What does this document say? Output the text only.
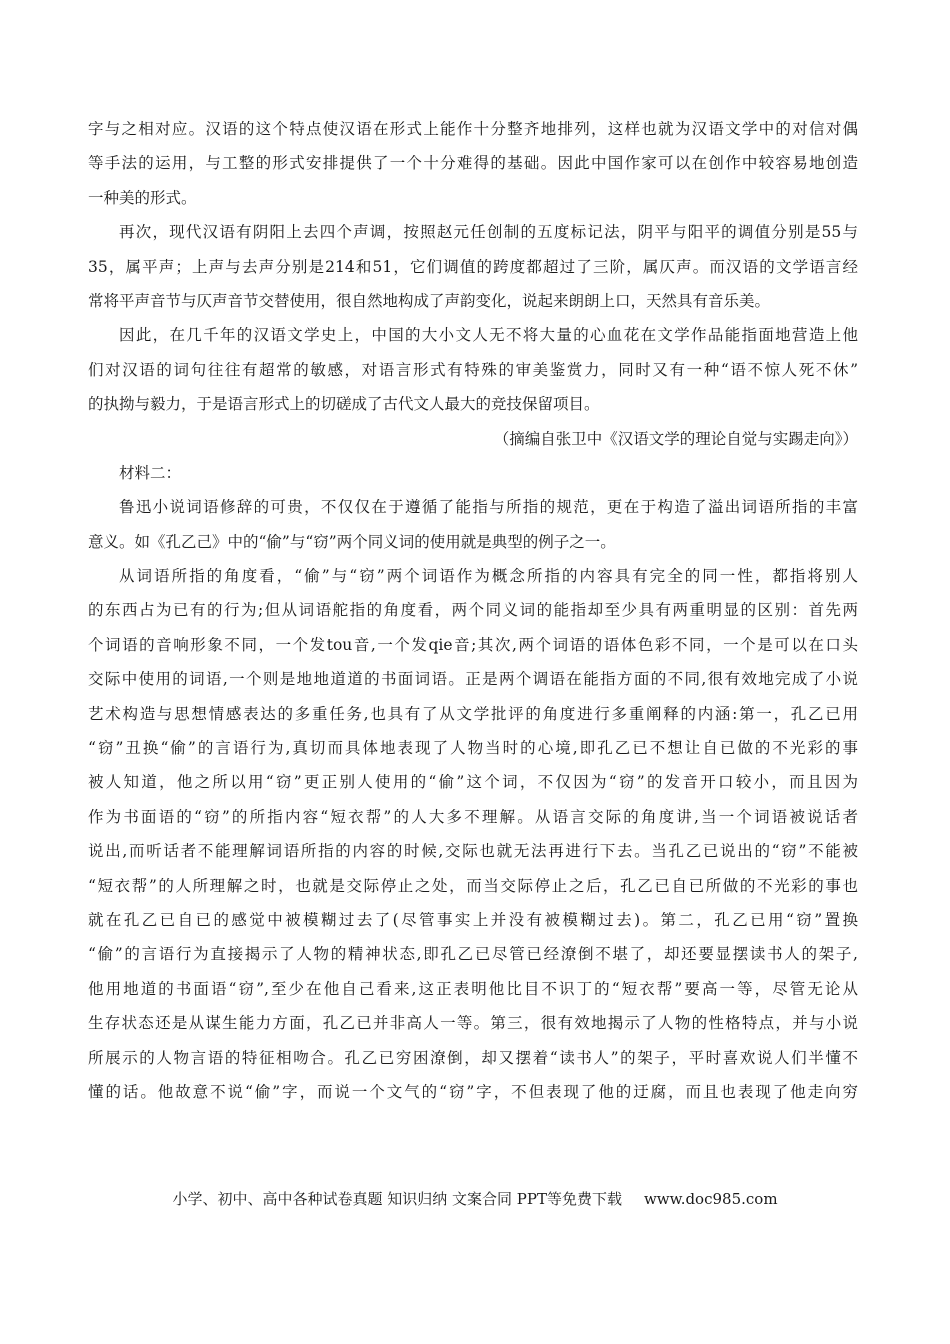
字与之相对应。汉语的这个特点使汉语在形式上能作十分整齐地排列，这样也就为汉语文学中的对信对偶
等手法的运用，与工整的形式安排提供了一个十分难得的基础。因此中国作家可以在创作中较容易地创造
一种美的形式。
再次，现代汉语有阴阳上去四个声调，按照赵元任创制的五度标记法，阴平与阳平的调值分别是55与
35，属平声；上声与去声分别是214和51，它们调值的跨度都超过了三阶，属仄声。而汉语的文学语言经
常将平声音节与仄声音节交替使用，很自然地构成了声韵变化，说起来朗朗上口，天然具有音乐美。
因此，在几千年的汉语文学史上，中国的大小文人无不将大量的心血花在文学作品能指面地营造上他
们对汉语的词句往往有超常的敏感，对语言形式有特殊的审美鉴赏力，同时又有一种“语不惊人死不休”
的执拗与毅力，于是语言形式上的切磋成了古代文人最大的竞技保留项目。
（摘编自张卫中《汉语文学的理论自觉与实踢走向》）
材料二：
鲁迅小说词语修辞的可贵，不仅仅在于遵循了能指与所指的规范，更在于构造了溢出词语所指的丰富
意义。如《孔乙己》中的“偷”与“窃”两个同义词的使用就是典型的例子之一。
从词语所指的角度看，“偷”与“窃”两个词语作为概念所指的内容具有完全的同一性，都指将别人
的东西占为已有的行为;但从词语舵指的角度看，两个同义词的能指却至少具有两重明显的区别：首先两
个词语的音响形象不同，一个发tou音,一个发qie音;其次,两个词语的语体色彩不同，一个是可以在口头
交际中使用的词语,一个则是地地道道的书面词语。正是两个调语在能指方面的不同,很有效地完成了小说
艺术构造与思想情感表达的多重任务,也具有了从文学批评的角度进行多重阐释的内涵:第一，孔乙已用
“窃”丑换“偷”的言语行为,真切而具体地表现了人物当时的心境,即孔乙已不想让自已做的不光彩的事
被人知道，他之所以用“窃”更正别人使用的“偷”这个词，不仅因为“窃”的发音开口较小，而且因为
作为书面语的“窃”的所指内容“短衣帮”的人大多不理解。从语言交际的角度讲,当一个词语被说话者
说出,而听话者不能理解词语所指的内容的时候,交际也就无法再进行下去。当孔乙已说出的“窃”不能被
“短衣帮”的人所理解之时，也就是交际停止之处，而当交际停止之后，孔乙已自已所做的不光彩的事也
就在孔乙已自已的感觉中被模糊过去了(尽管事实上并没有被模糊过去)。第二，孔乙已用“窃”置换
“偷”的言语行为直接揭示了人物的精神状态,即孔乙已尽管已经潦倒不堪了，却还要显摆读书人的架子,
他用地道的书面语“窃”,至少在他自己看来,这正表明他比目不识丁的“短衣帮”要高一等，尽管无论从
生存状态还是从谋生能力方面，孔乙已并非高人一等。第三，很有效地揭示了人物的性格特点，并与小说
所展示的人物言语的特征相吻合。孔乙已穷困潦倒，却又摆着“读书人”的架子，平时喜欢说人们半懂不
懂的话。他故意不说“偷”字，而说一个文气的“窃”字，不但表现了他的迂腐，而且也表现了他走向穷
小学、初中、高中各种试卷真题 知识归纳 文案合同 PPT等免费下载 www.doc985.com
